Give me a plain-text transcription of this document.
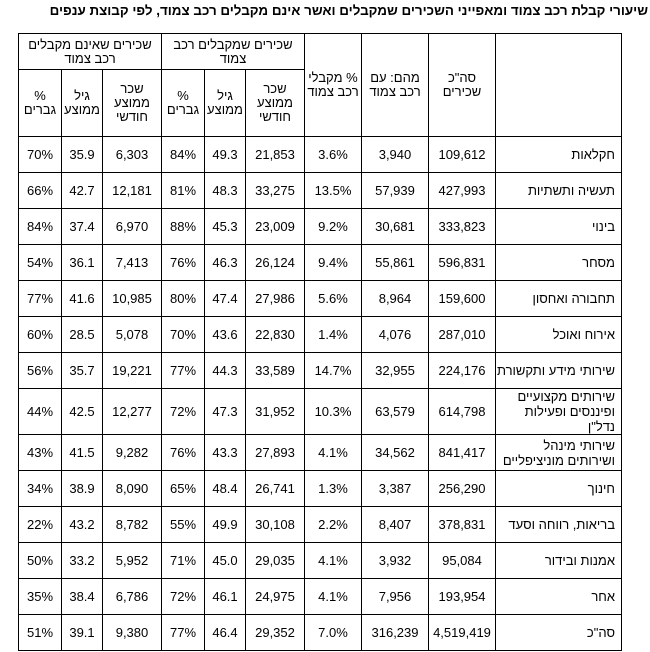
שיעורי קבלת רכב צמוד ומאפייני השכירים שמקבלים ואשר אינם מקבלים רכב צמוד, לפי קבוצת ענפים
	סה"כ שכירים	מהם: עם רכב צמוד	% מקבלי רכב צמוד	שכירים שמקבלים רכב צמוד			שכירים שאינם מקבלים רכב צמוד		
				שכר ממוצע חודשי	גיל ממוצע	% גברים	שכר ממוצע חודשי	גיל ממוצע	% גברים
חקלאות	109,612	3,940	3.6%	21,853	49.3	84%	6,303	35.9	70%
תעשיה ותשתיות	427,993	57,939	13.5%	33,275	48.3	81%	12,181	42.7	66%
בינוי	333,823	30,681	9.2%	23,009	45.3	88%	6,970	37.4	84%
מסחר	596,831	55,861	9.4%	26,124	46.3	76%	7,413	36.1	54%
תחבורה ואחסון	159,600	8,964	5.6%	27,986	47.4	80%	10,985	41.6	77%
אירוח ואוכל	287,010	4,076	1.4%	22,830	43.6	70%	5,078	28.5	60%
שירותי מידע ותקשורת	224,176	32,955	14.7%	33,589	44.3	77%	19,221	35.7	56%
שירותים מקצועיים ופיננסים ופעילות נדל"ן	614,798	63,579	10.3%	31,952	47.3	72%	12,277	42.5	44%
שירותי מינהל ושירותים מוניציפליים	841,417	34,562	4.1%	27,893	43.3	76%	9,282	41.5	43%
חינוך	256,290	3,387	1.3%	26,741	48.4	65%	8,090	38.9	34%
בריאות, רווחה וסעד	378,831	8,407	2.2%	30,108	49.9	55%	8,782	43.2	22%
אמנות ובידור	95,084	3,932	4.1%	29,035	45.0	71%	5,952	33.2	50%
אחר	193,954	7,956	4.1%	24,975	46.1	72%	6,786	38.4	35%
סה"כ	4,519,419	316,239	7.0%	29,352	46.4	77%	9,380	39.1	51%
